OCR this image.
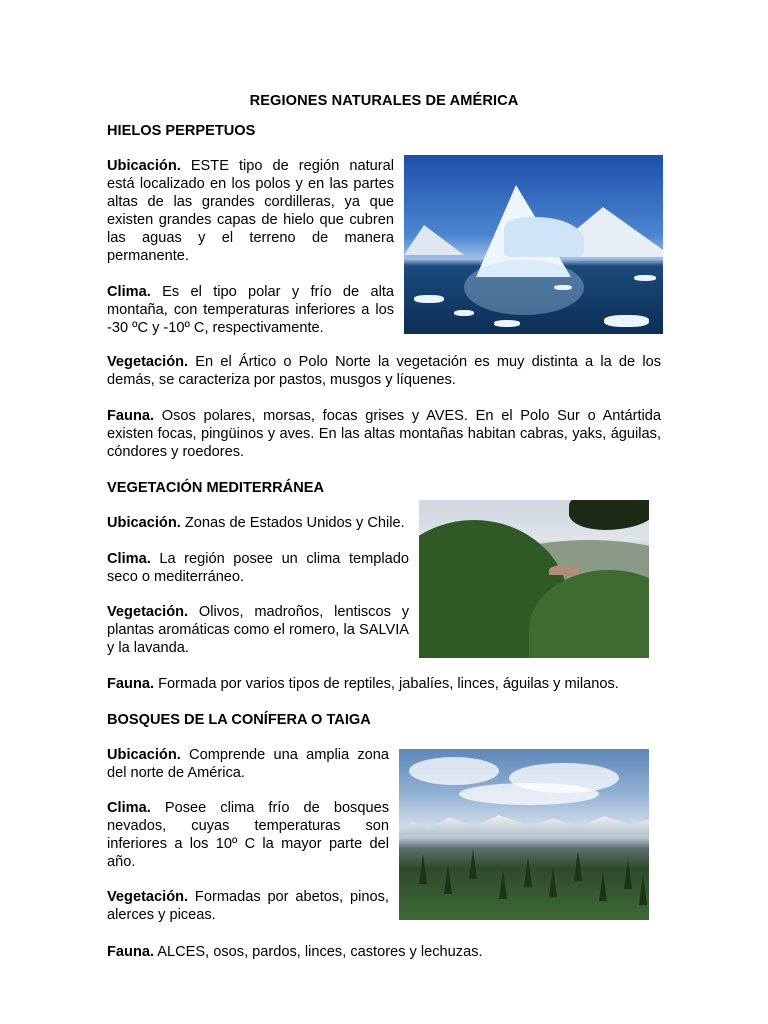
REGIONES NATURALES DE AMÉRICA
HIELOS PERPETUOS
Ubicación. ESTE tipo de región natural está localizado en los polos y en las partes altas de las grandes cordilleras, ya que existen grandes capas de hielo que cubren las aguas y el terreno de manera permanente.
Clima. Es el tipo polar y frío de alta montaña, con temperaturas inferiores a los -30 ºC y -10º C, respectivamente.
Vegetación. En el Ártico o Polo Norte la vegetación es muy distinta a la de los demás, se caracteriza por pastos, musgos y líquenes.
Fauna. Osos polares, morsas, focas grises y AVES. En el Polo Sur o Antártida existen focas, pingüinos y aves. En las altas montañas habitan cabras, yaks, águilas, cóndores y roedores.
VEGETACIÓN MEDITERRÁNEA
Ubicación. Zonas de Estados Unidos y Chile.
Clima. La región posee un clima templado seco o mediterráneo.
Vegetación. Olivos, madroños, lentiscos y plantas aromáticas como el romero, la SALVIA y la lavanda.
Fauna. Formada por varios tipos de reptiles, jabalíes, linces, águilas y milanos.
BOSQUES DE LA CONÍFERA O TAIGA
Ubicación. Comprende una amplia zona del norte de América.
Clima. Posee clima frío de bosques nevados, cuyas temperaturas son inferiores a los 10º C la mayor parte del año.
Vegetación. Formadas por abetos, pinos, alerces y piceas.
Fauna. ALCES, osos, pardos, linces, castores y lechuzas.
